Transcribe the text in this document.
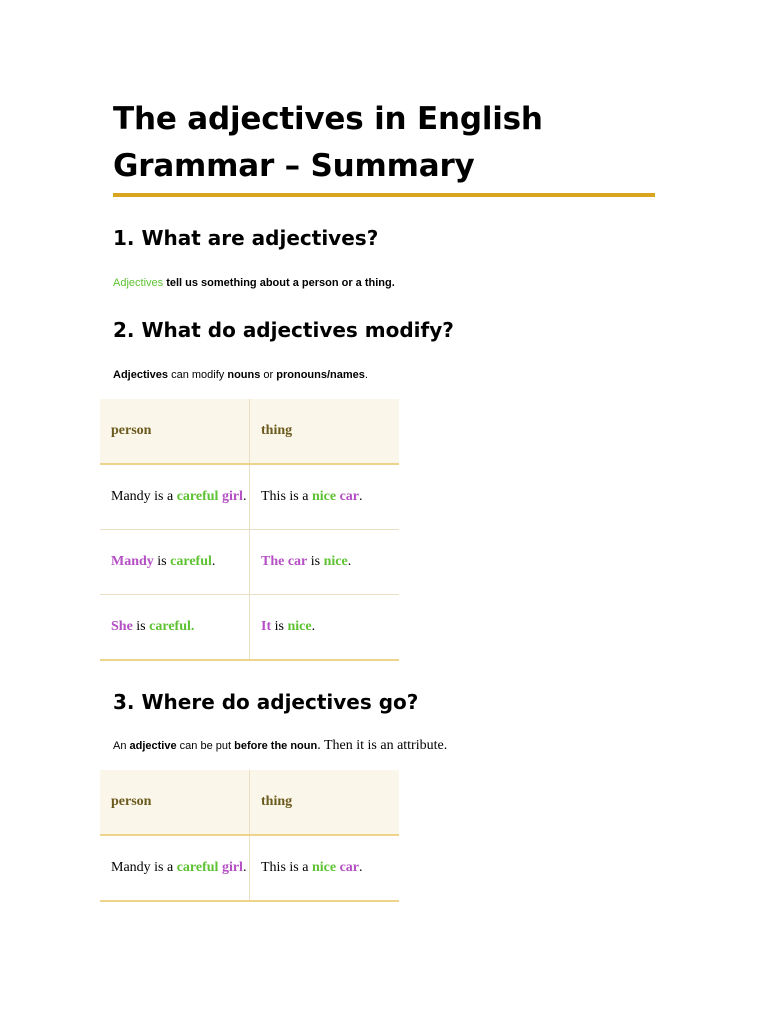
The adjectives in English Grammar – Summary
1. What are adjectives?

Adjectives tell us something about a person or a thing.

2. What do adjectives modify?

Adjectives can modify nouns or pronouns/names.

person	thing
Mandy is a careful girl.	This is a nice car.
Mandy is careful.	The car is nice.
She is careful.	It is nice.
3. Where do adjectives go?

An adjective can be put before the noun. Then it is an attribute.

person	thing
Mandy is a careful girl.	This is a nice car.
